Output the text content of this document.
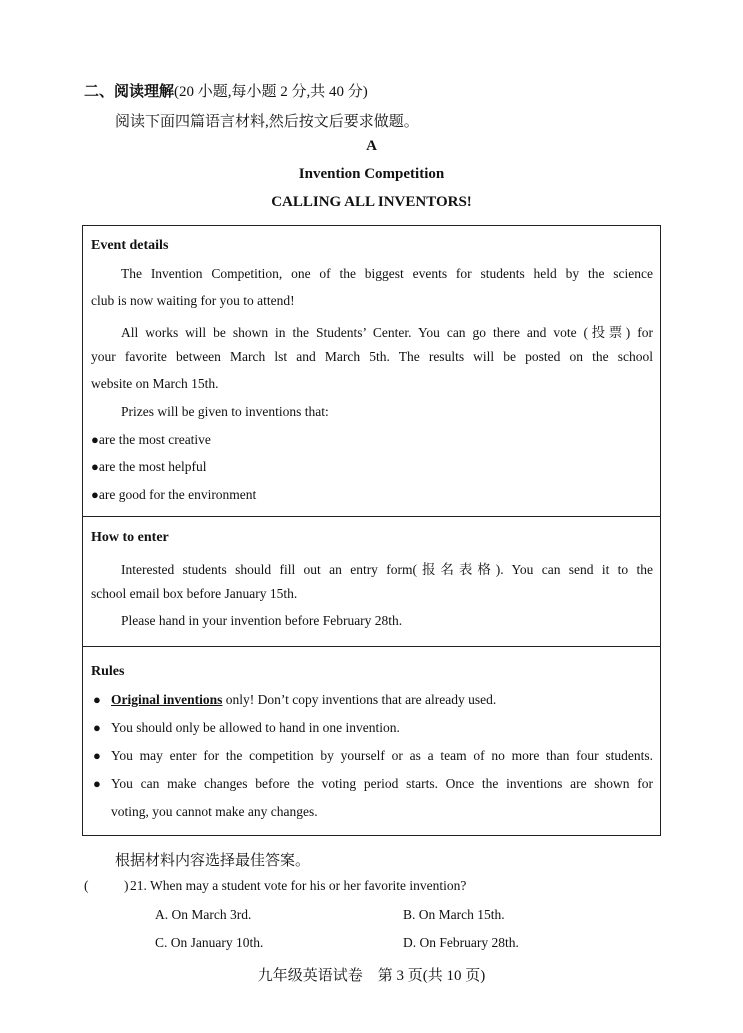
二、阅读理解(20 小题,每小题 2 分,共 40 分)
阅读下面四篇语言材料,然后按文后要求做题。
A
Invention Competition
CALLING ALL INVENTORS!
Event details
The Invention Competition, one of the biggest events for students held by the science
club is now waiting for you to attend!
All works will be shown in the Students’ Center. You can go there and vote (投票) for
your favorite between March lst and March 5th. The results will be posted on the school
website on March 15th.
Prizes will be given to inventions that:
●are the most creative
●are the most helpful
●are good for the environment
How to enter
Interested students should fill out an entry form(报名表格). You can send it to the
school email box before January 15th.
Please hand in your invention before February 28th.
Rules
● Original inventions only! Don’t copy inventions that are already used.
● You should only be allowed to hand in one invention.
● You may enter for the competition by yourself or as a team of no more than four students.
● You can make changes before the voting period starts. Once the inventions are shown for
voting, you cannot make any changes.
根据材料内容选择最佳答案。
(	) 21. When may a student vote for his or her favorite invention?
A. On March 3rd.	B. On March 15th.
C. On January 10th.	D. On February 28th.
九年级英语试卷　第 3 页(共 10 页)
